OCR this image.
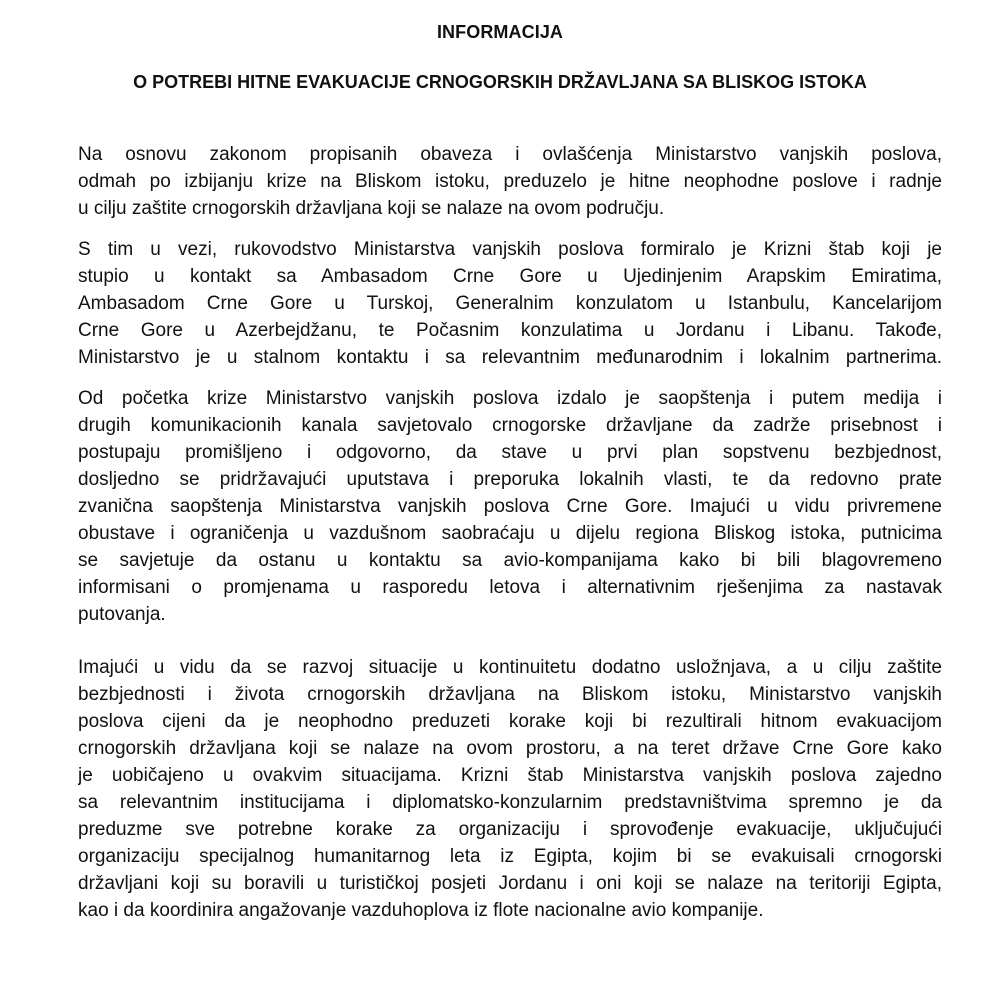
INFORMACIJA
O POTREBI HITNE EVAKUACIJE CRNOGORSKIH DRŽAVLJANA SA BLISKOG ISTOKA
Na osnovu zakonom propisanih obaveza i ovlašćenja Ministarstvo vanjskih poslova,
odmah po izbijanju krize na Bliskom istoku, preduzelo je hitne neophodne poslove i radnje
u cilju zaštite crnogorskih državljana koji se nalaze na ovom području.
S tim u vezi, rukovodstvo Ministarstva vanjskih poslova formiralo je Krizni štab koji je
stupio u kontakt sa Ambasadom Crne Gore u Ujedinjenim Arapskim Emiratima,
Ambasadom Crne Gore u Turskoj, Generalnim konzulatom u Istanbulu, Kancelarijom
Crne Gore u Azerbejdžanu, te Počasnim konzulatima u Jordanu i Libanu. Takođe,
Ministarstvo je u stalnom kontaktu i sa relevantnim međunarodnim i lokalnim partnerima.
Od početka krize Ministarstvo vanjskih poslova izdalo je saopštenja i putem medija i
drugih komunikacionih kanala savjetovalo crnogorske državljane da zadrže prisebnost i
postupaju promišljeno i odgovorno, da stave u prvi plan sopstvenu bezbjednost,
dosljedno se pridržavajući uputstava i preporuka lokalnih vlasti, te da redovno prate
zvanična saopštenja Ministarstva vanjskih poslova Crne Gore. Imajući u vidu privremene
obustave i ograničenja u vazdušnom saobraćaju u dijelu regiona Bliskog istoka, putnicima
se savjetuje da ostanu u kontaktu sa avio-kompanijama kako bi bili blagovremeno
informisani o promjenama u rasporedu letova i alternativnim rješenjima za nastavak
putovanja.
Imajući u vidu da se razvoj situacije u kontinuitetu dodatno usložnjava, a u cilju zaštite
bezbjednosti i života crnogorskih državljana na Bliskom istoku, Ministarstvo vanjskih
poslova cijeni da je neophodno preduzeti korake koji bi rezultirali hitnom evakuacijom
crnogorskih državljana koji se nalaze na ovom prostoru, a na teret države Crne Gore kako
je uobičajeno u ovakvim situacijama. Krizni štab Ministarstva vanjskih poslova zajedno
sa relevantnim institucijama i diplomatsko-konzularnim predstavništvima spremno je da
preduzme sve potrebne korake za organizaciju i sprovođenje evakuacije, uključujući
organizaciju specijalnog humanitarnog leta iz Egipta, kojim bi se evakuisali crnogorski
državljani koji su boravili u turističkoj posjeti Jordanu i oni koji se nalaze na teritoriji Egipta,
kao i da koordinira angažovanje vazduhoplova iz flote nacionalne avio kompanije.
